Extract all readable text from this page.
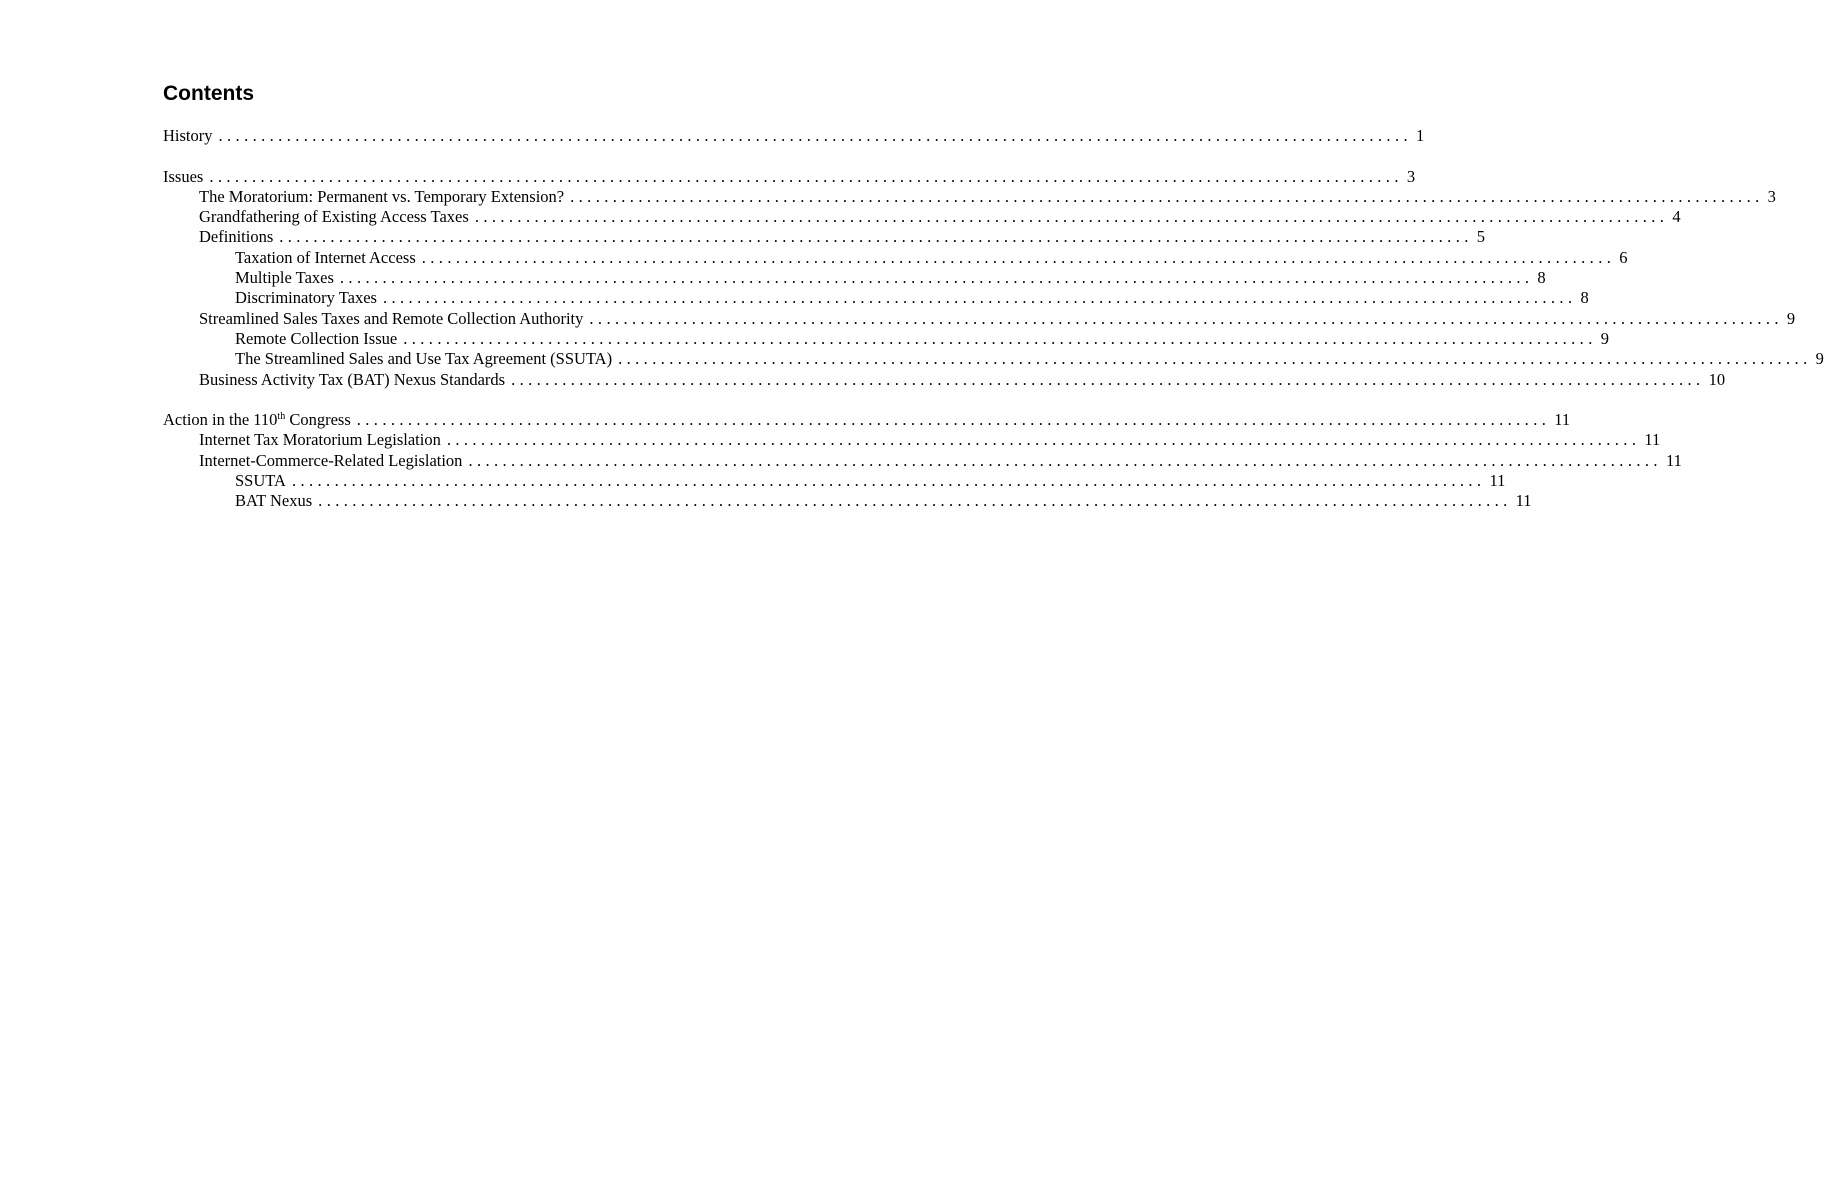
Contents
History ............................................................................................................................................ 1
Issues ............................................................................................................................................ 3
The Moratorium: Permanent vs. Temporary Extension? ............................................................................................................................................ 3
Grandfathering of Existing Access Taxes ............................................................................................................................................ 4
Definitions ............................................................................................................................................ 5
Taxation of Internet Access ............................................................................................................................................ 6
Multiple Taxes ............................................................................................................................................ 8
Discriminatory Taxes ............................................................................................................................................ 8
Streamlined Sales Taxes and Remote Collection Authority ............................................................................................................................................ 9
Remote Collection Issue ............................................................................................................................................ 9
The Streamlined Sales and Use Tax Agreement (SSUTA) ............................................................................................................................................ 9
Business Activity Tax (BAT) Nexus Standards ............................................................................................................................................ 10
Action in the 110th Congress ............................................................................................................................................ 11
Internet Tax Moratorium Legislation ............................................................................................................................................ 11
Internet-Commerce-Related Legislation ............................................................................................................................................ 11
SSUTA ............................................................................................................................................ 11
BAT Nexus ............................................................................................................................................ 11
